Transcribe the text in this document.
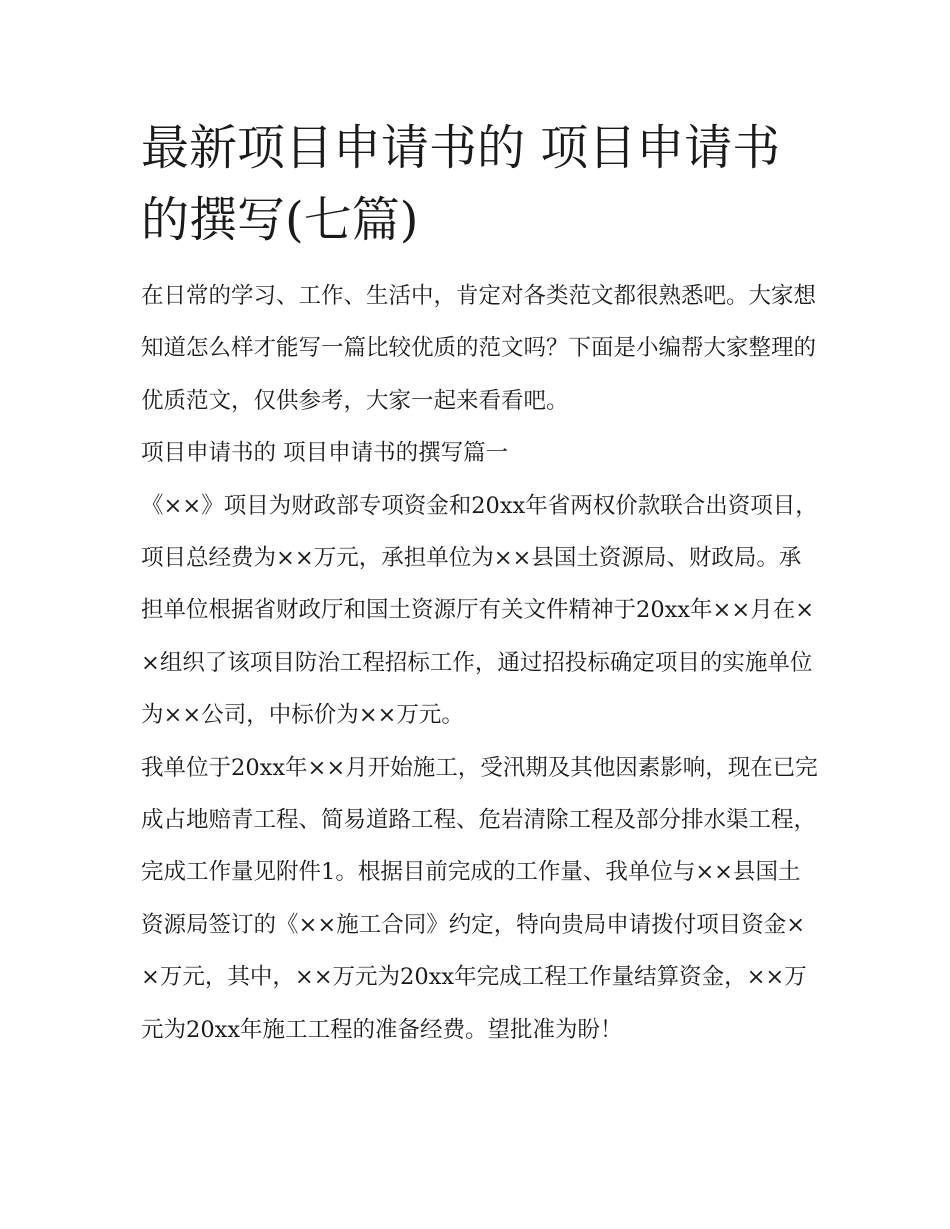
最新项目申请书的 项目申请书的撰写(七篇)

在日常的学习、工作、生活中，肯定对各类范文都很熟悉吧。大家想知道怎么样才能写一篇比较优质的范文吗？下面是小编帮大家整理的优质范文，仅供参考，大家一起来看看吧。

项目申请书的 项目申请书的撰写篇一

《××》项目为财政部专项资金和20xx年省两权价款联合出资项目，项目总经费为××万元，承担单位为××县国土资源局、财政局。承担单位根据省财政厅和国土资源厅有关文件精神于20xx年××月在××组织了该项目防治工程招标工作，通过招投标确定项目的实施单位为××公司，中标价为××万元。

我单位于20xx年××月开始施工，受汛期及其他因素影响，现在已完成占地赔青工程、简易道路工程、危岩清除工程及部分排水渠工程，完成工作量见附件1。根据目前完成的工作量、我单位与××县国土资源局签订的《××施工合同》约定，特向贵局申请拨付项目资金××万元，其中，××万元为20xx年完成工程工作量结算资金，××万元为20xx年施工工程的准备经费。望批准为盼！
